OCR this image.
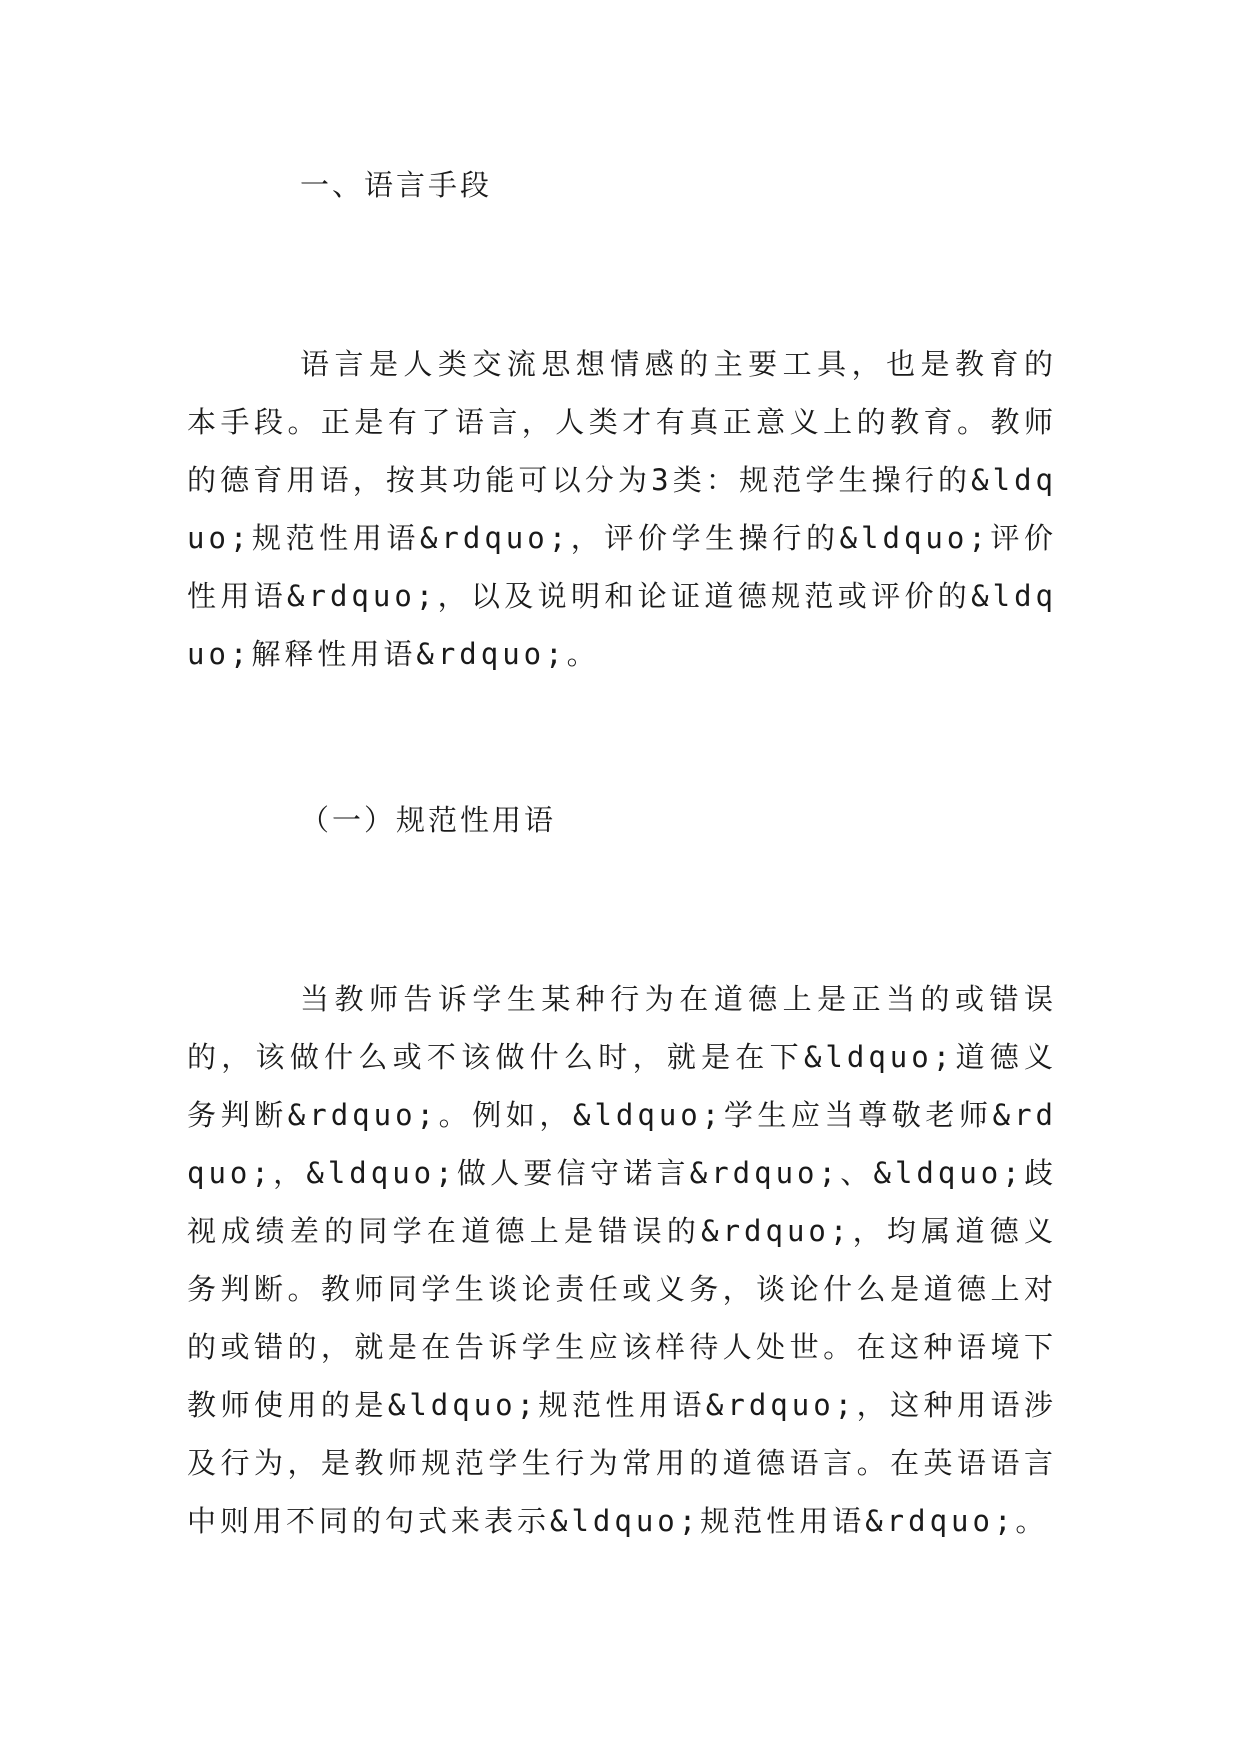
一、语言手段
语言是人类交流思想情感的主要工具，也是教育的本手段。正是有了语言，人类才有真正意义上的教育。教师的德育用语，按其功能可以分为3类：规范学生操行的&ldquo;规范性用语&rdquo;，评价学生操行的&ldquo;评价性用语&rdquo;，以及说明和论证道德规范或评价的&ldquo;解释性用语&rdquo;。
（一）规范性用语
当教师告诉学生某种行为在道德上是正当的或错误的，该做什么或不该做什么时，就是在下&ldquo;道德义务判断&rdquo;。例如，&ldquo;学生应当尊敬老师&rdquo;，&ldquo;做人要信守诺言&rdquo;、&ldquo;歧视成绩差的同学在道德上是错误的&rdquo;，均属道德义务判断。教师同学生谈论责任或义务，谈论什么是道德上对的或错的，就是在告诉学生应该样待人处世。在这种语境下教师使用的是&ldquo;规范性用语&rdquo;，这种用语涉及行为，是教师规范学生行为常用的道德语言。在英语语言中则用不同的句式来表示&ldquo;规范性用语&rdquo;。
